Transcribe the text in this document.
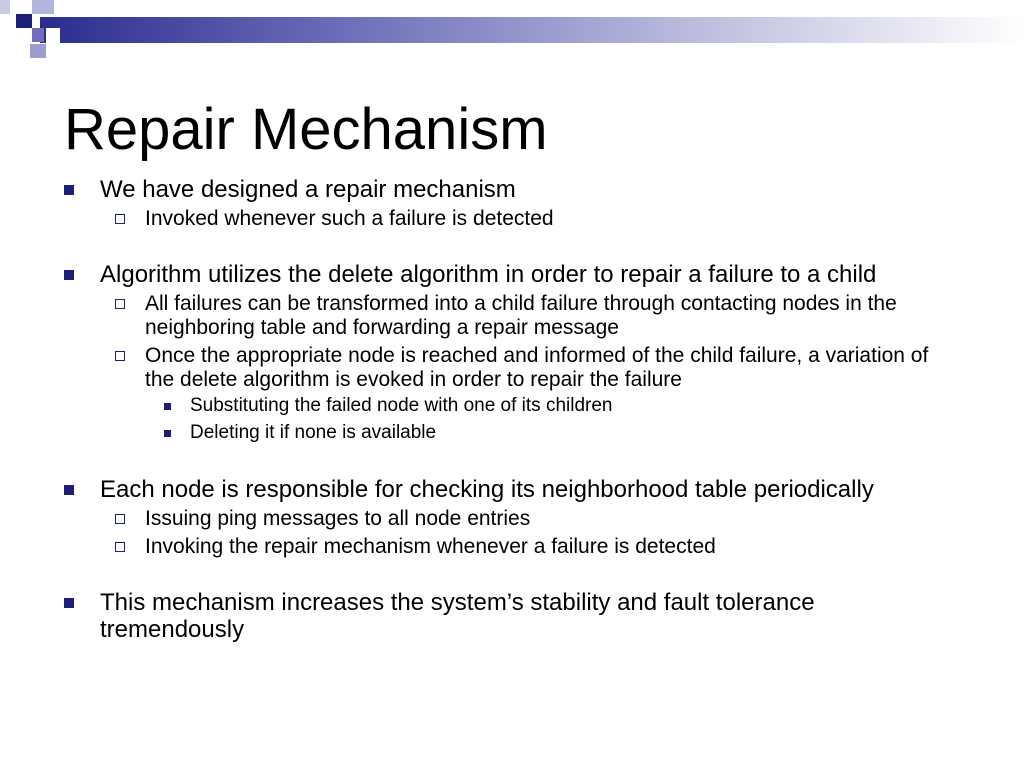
Repair Mechanism
We have designed a repair mechanism
Invoked whenever such a failure is detected
Algorithm utilizes the delete algorithm in order to repair a failure to a child
All failures can be transformed into a child failure through contacting nodes in the neighboring table and forwarding a repair message
Once the appropriate node is reached and informed of the child failure, a variation of the delete algorithm is evoked in order to repair the failure
Substituting the failed node with one of its children
Deleting it if none is available
Each node is responsible for checking its neighborhood table periodically
Issuing ping messages to all node entries
Invoking the repair mechanism whenever a failure is detected
This mechanism increases the system’s stability and fault tolerance tremendously
